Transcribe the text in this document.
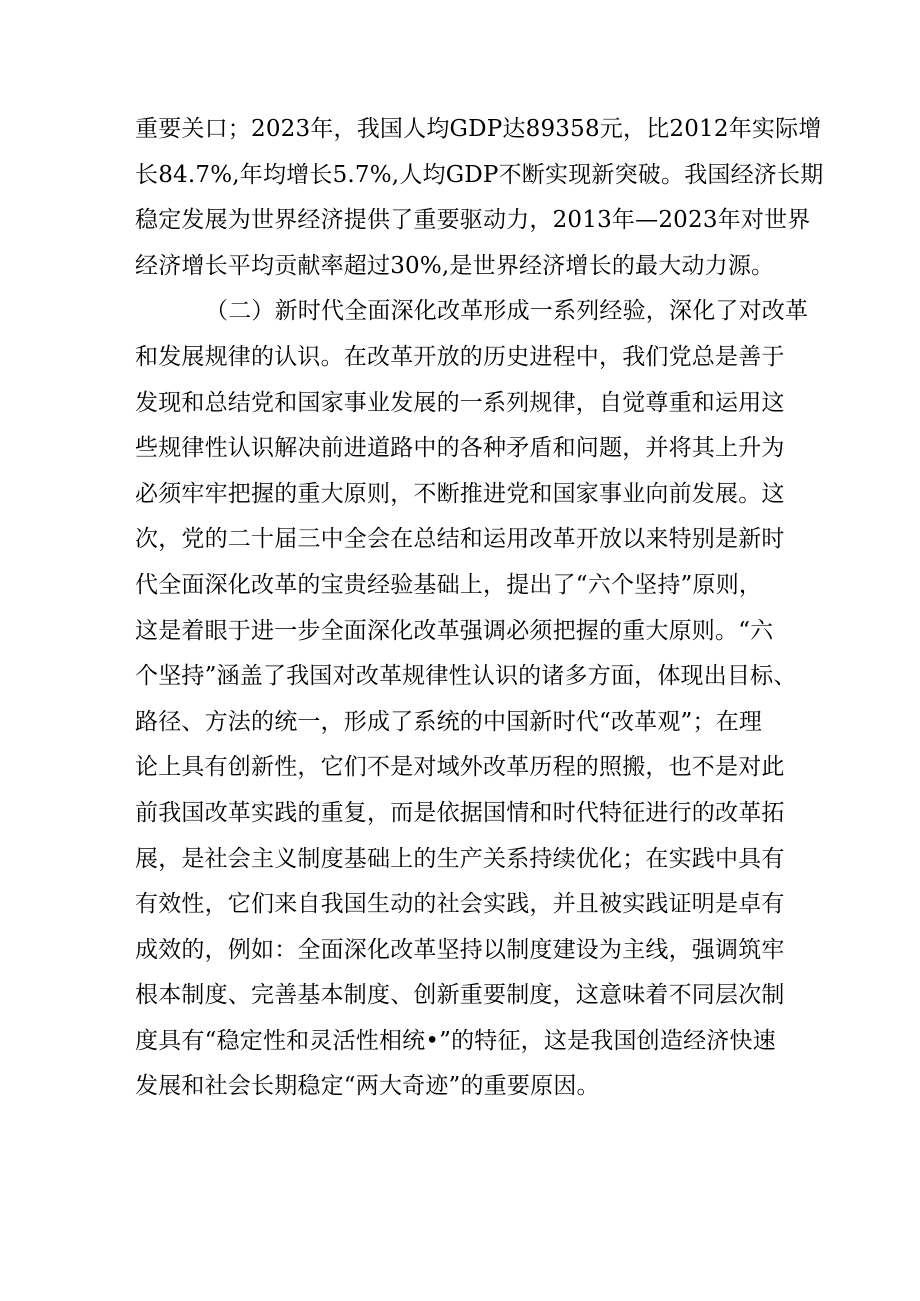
重要关口；2023年，我国人均GDP达89358元，比2012年实际增
长84.7%,年均增长5.7%,人均GDP不断实现新突破。我国经济长期
稳定发展为世界经济提供了重要驱动力，2013年—2023年对世界
经济增长平均贡献率超过30%,是世界经济增长的最大动力源。
（二）新时代全面深化改革形成一系列经验，深化了对改革
和发展规律的认识。在改革开放的历史进程中，我们党总是善于
发现和总结党和国家事业发展的一系列规律，自觉尊重和运用这
些规律性认识解决前进道路中的各种矛盾和问题，并将其上升为
必须牢牢把握的重大原则，不断推进党和国家事业向前发展。这
次，党的二十届三中全会在总结和运用改革开放以来特别是新时
代全面深化改革的宝贵经验基础上，提出了“六个坚持”原则，
这是着眼于进一步全面深化改革强调必须把握的重大原则。“六
个坚持”涵盖了我国对改革规律性认识的诸多方面，体现出目标、
路径、方法的统一，形成了系统的中国新时代“改革观”；在理
论上具有创新性，它们不是对域外改革历程的照搬，也不是对此
前我国改革实践的重复，而是依据国情和时代特征进行的改革拓
展，是社会主义制度基础上的生产关系持续优化；在实践中具有
有效性，它们来自我国生动的社会实践，并且被实践证明是卓有
成效的，例如：全面深化改革坚持以制度建设为主线，强调筑牢
根本制度、完善基本制度、创新重要制度，这意味着不同层次制
度具有“稳定性和灵活性相统•”的特征，这是我国创造经济快速
发展和社会长期稳定“两大奇迹”的重要原因。
